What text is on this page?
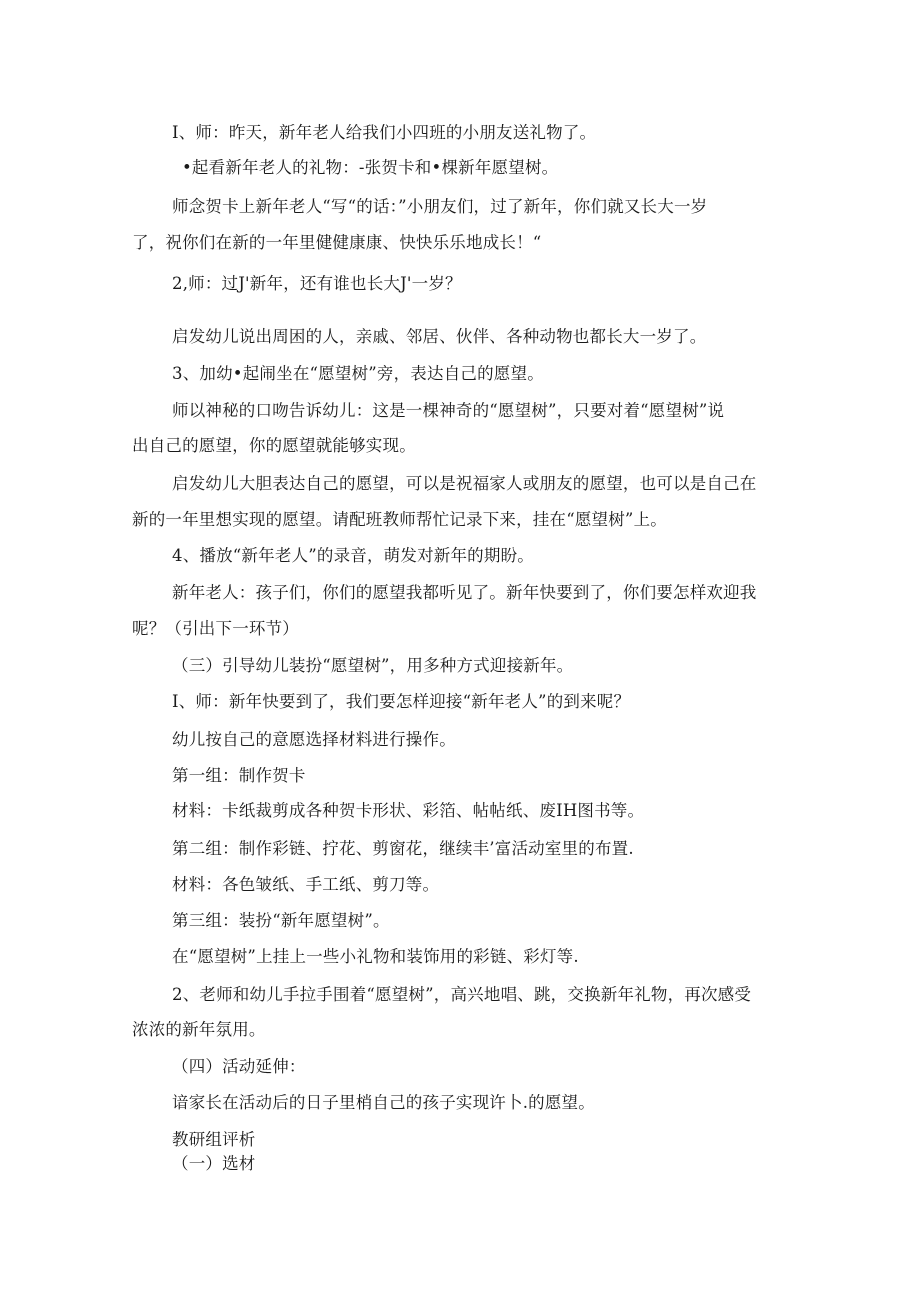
I、师：昨天，新年老人给我们小四班的小朋友送礼物了。
•起看新年老人的礼物：-张贺卡和•棵新年愿望树。
师念贺卡上新年老人“写“的话：”小朋友们，过了新年，你们就又长大一岁
了，祝你们在新的一年里健健康康、快快乐乐地成长！“
2,师：过J'新年，还有谁也长大J'一岁？
启发幼儿说出周困的人，亲戚、邻居、伙伴、各种动物也都长大一岁了。
3、加幼•起闹坐在“愿望树”旁，表达自己的愿望。
师以神秘的口吻告诉幼儿：这是一棵神奇的“愿望树”，只要对着“愿望树”说
出自己的愿望，你的愿望就能够实现。
启发幼儿大胆表达自己的愿望，可以是祝福家人或朋友的愿望，也可以是自己在
新的一年里想实现的愿望。请配班教师帮忙记录下来，挂在“愿望树”上。
4、播放“新年老人”的录音，萌发对新年的期盼。
新年老人：孩子们，你们的愿望我都听见了。新年快要到了，你们要怎样欢迎我
呢？（引出下一环节）
（三）引导幼儿装扮“愿望树”，用多种方式迎接新年。
I、师：新年快要到了，我们要怎样迎接“新年老人”的到来呢？
幼儿按自己的意愿选择材料进行操作。
第一组：制作贺卡
材料：卡纸裁剪成各种贺卡形状、彩箔、帖帖纸、废IH图书等。
第二组：制作彩链、拧花、剪窗花，继续丰’富活动室里的布置.
材料：各色皱纸、手工纸、剪刀等。
第三组：装扮“新年愿望树”。
在“愿望树”上挂上一些小礼物和装饰用的彩链、彩灯等.
2、老师和幼儿手拉手围着“愿望树”，高兴地唱、跳，交换新年礼物，再次感受
浓浓的新年氛用。
（四）活动延伸：
谙家长在活动后的日子里梢自己的孩子实现许卜.的愿望。
教研组评析
（一）选材
